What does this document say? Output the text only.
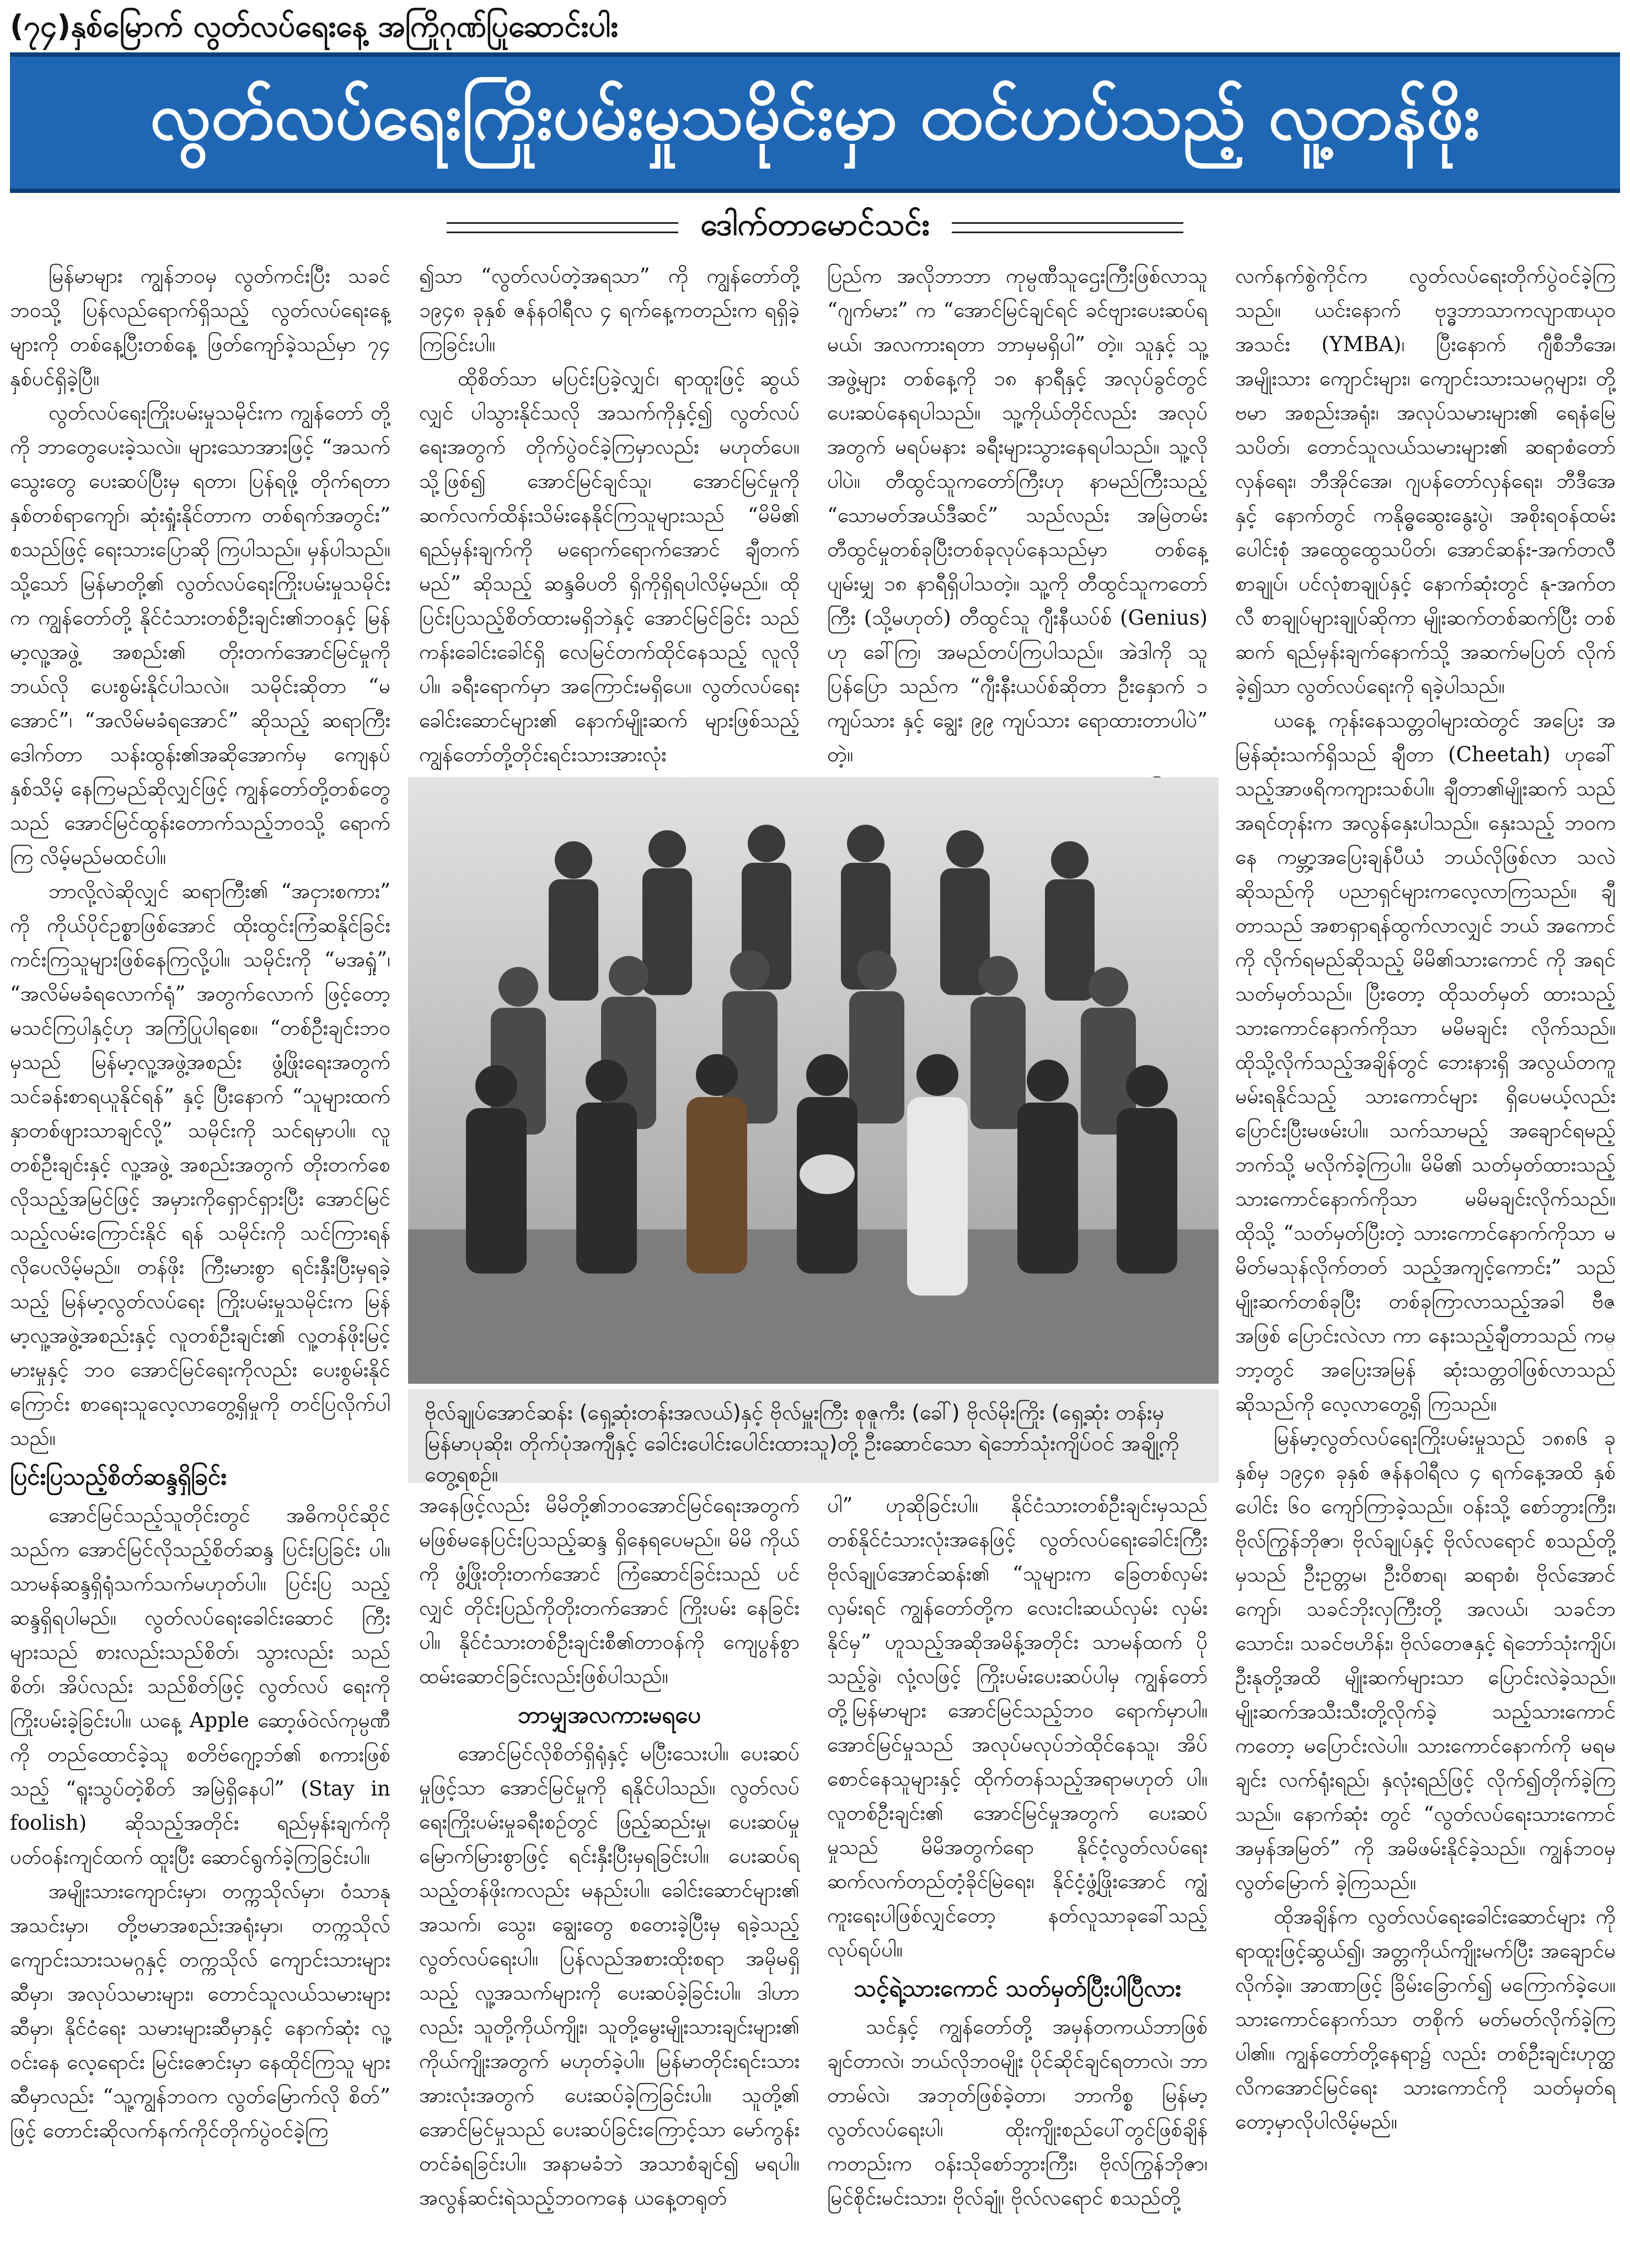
(၇၄)နှစ်မြောက် လွတ်လပ်ရေးနေ့ အကြိုဂုဏ်ပြုဆောင်းပါး
လွတ်လပ်ရေးကြိုးပမ်းမှုသမိုင်းမှာ ထင်ဟပ်သည့် လူ့တန်ဖိုး
ဒေါက်တာမောင်သင်း

မြန်မာများ ကျွန်ဘဝမှ လွတ်ကင်းပြီး သခင် ဘဝသို့ ပြန်လည်ရောက်ရှိသည့် လွတ်လပ်ရေးနေ့ များကို တစ်နေ့ပြီးတစ်နေ့ ဖြတ်ကျော်ခဲ့သည်မှာ ၇၄ နှစ်ပင်ရှိခဲ့ပြီ။

လွတ်လပ်ရေးကြိုးပမ်းမှုသမိုင်းက ကျွန်တော် တို့ကို ဘာတွေပေးခဲ့သလဲ။ များသောအားဖြင့် “အသက်သွေးတွေ ပေးဆပ်ပြီးမှ ရတာ၊ ပြန်ရဖို့ တိုက်ရတာ နှစ်တစ်ရာကျော်၊ ဆုံးရှုံးနိုင်တာက တစ်ရက်အတွင်း” စသည်ဖြင့် ရေးသားပြောဆို ကြပါသည်။ မှန်ပါသည်။ သို့သော် မြန်မာတို့၏ လွတ်လပ်ရေးကြိုးပမ်းမှုသမိုင်းက ကျွန်တော်တို့ နိုင်ငံသားတစ်ဦးချင်း၏ဘဝနှင့် မြန်မာ့လူ့အဖွဲ့ အစည်း၏ တိုးတက်အောင်မြင်မှုကို ဘယ်လို ပေးစွမ်းနိုင်ပါသလဲ။ သမိုင်းဆိုတာ “မအောင်”၊ “အလိမ်မခံရအောင်” ဆိုသည့် ဆရာကြီးဒေါက်တာ သန်းထွန်း၏အဆိုအောက်မှ ကျေနပ်နှစ်သိမ့် နေကြမည်ဆိုလျှင်ဖြင့် ကျွန်တော်တို့တစ်တွေသည် အောင်မြင်ထွန်းတောက်သည့်ဘဝသို့ ရောက်ကြ လိမ့်မည်မထင်ပါ။

ဘာလို့လဲဆိုလျှင် ဆရာကြီး၏ “အငှားစကား” ကို ကိုယ်ပိုင်ဥစ္စာဖြစ်အောင် ထိုးထွင်းကြံဆနိုင်ခြင်း ကင်းကြသူများဖြစ်နေကြလို့ပါ။ သမိုင်းကို “မအရှုံ”၊ “အလိမ်မခံရလောက်ရုံ” အတွက်လောက် ဖြင့်တော့ မသင်ကြပါနှင့်ဟု အကြံပြုပါရစေ။ “တစ်ဦးချင်းဘဝမှသည် မြန်မာ့လူ့အဖွဲ့အစည်း ဖွံ့ဖြိုးရေးအတွက် သင်ခန်းစာရယူနိုင်ရန်” နှင့် ပြီးနောက် “သူများထက် နှာတစ်ဖျားသာချင်လို့” သမိုင်းကို သင်ရမှာပါ။ လူတစ်ဦးချင်းနှင့် လူ့အဖွဲ့ အစည်းအတွက် တိုးတက်စေလိုသည့်အမြင်ဖြင့် အမှားကိုရှောင်ရှားပြီး အောင်မြင်သည့်လမ်းကြောင်းနိုင် ရန် သမိုင်းကို သင်ကြားရန် လိုပေလိမ့်မည်။ တန်ဖိုး ကြီးမားစွာ ရင်းနှီးပြီးမှရခဲ့သည့် မြန်မာ့လွတ်လပ်ရေး ကြိုးပမ်းမှုသမိုင်းက မြန်မာ့လူ့အဖွဲ့အစည်းနှင့် လူတစ်ဦးချင်း၏ လူ့တန်ဖိုးမြင့်မားမှုနှင့် ဘဝ အောင်မြင်ရေးကိုလည်း ပေးစွမ်းနိုင်ကြောင်း စာရေးသူလေ့လာတွေ့ရှိမှုကို တင်ပြလိုက်ပါသည်။

ပြင်းပြသည့်စိတ်ဆန္ဒရှိခြင်း

အောင်မြင်သည့်သူတိုင်းတွင် အဓိကပိုင်ဆိုင် သည်က အောင်မြင်လိုသည့်စိတ်ဆန္ဒ ပြင်းပြခြင်း ပါ။ သာမန်ဆန္ဒရှိရုံသက်သက်မဟုတ်ပါ။ ပြင်းပြ သည့်ဆန္ဒရှိရပါမည်။ လွတ်လပ်ရေးခေါင်းဆောင် ကြီးများသည် စားလည်းသည်စိတ်၊ သွားလည်း သည်စိတ်၊ အိပ်လည်း သည်စိတ်ဖြင့် လွတ်လပ် ရေးကို ကြိုးပမ်းခဲ့ခြင်းပါ။ ယနေ့ Apple ဆော့ဖ်ဝဲလ်ကုမ္ပဏီကို တည်ထောင်ခဲ့သူ စတိဗ်ဂျော့ဘ်၏ စကားဖြစ်သည့် “ရူးသွပ်တဲ့စိတ် အမြဲရှိနေပါ” (Stay in foolish) ဆိုသည့်အတိုင်း ရည်မှန်းချက်ကို ပတ်ဝန်းကျင်ထက် ထူးပြီး ဆောင်ရွက်ခဲ့ကြခြင်းပါ။

အမျိုးသားကျောင်းမှာ၊ တက္ကသိုလ်မှာ၊ ဝံသာနုအသင်းမှာ၊ တို့ဗမာအစည်းအရုံးမှာ၊ တက္ကသိုလ်ကျောင်းသားသမဂ္ဂနှင့် တက္ကသိုလ် ကျောင်းသားများဆီမှာ၊ အလုပ်သမားများ၊ တောင်သူလယ်သမားများဆီမှာ၊ နိုင်ငံရေး သမားများဆီမှာနှင့် နောက်ဆုံး လူ့ဝင်းနေ လေ့ရောင်း မြင်းဇောင်းမှာ နေထိုင်ကြသူ များဆီမှာလည်း “သူ့ကျွန်ဘဝက လွတ်မြောက်လို စိတ်” ဖြင့် တောင်းဆိုလက်နက်ကိုင်တိုက်ပွဲဝင်ခဲ့ကြ

၍သာ “လွတ်လပ်တဲ့အရသာ” ကို ကျွန်တော်တို့ ၁၉၄၈ ခုနှစ် ဇန်နဝါရီလ ၄ ရက်နေ့ကတည်းက ရရှိခဲ့ကြခြင်းပါ။

ထိုစိတ်သာ မပြင်းပြခဲ့လျှင်၊ ရာထူးဖြင့် ဆွယ်လျှင် ပါသွားနိုင်သလို အသက်ကိုနှင့်၍ လွတ်လပ် ရေးအတွက် တိုက်ပွဲဝင်ခဲ့ကြမှာလည်း မဟုတ်ပေ။ သို့ဖြစ်၍ အောင်မြင်ချင်သူ၊ အောင်မြင်မှုကို ဆက်လက်ထိန်းသိမ်းနေနိုင်ကြသူများသည် “မိမိ၏ ရည်မှန်းချက်ကို မရောက်ရောက်အောင် ချီတက် မည်” ဆိုသည့် ဆန္ဒဓိပတိ ရှိကိုရှိရပါလိမ့်မည်။ ထိုပြင်းပြသည့်စိတ်ထားမရှိဘဲနှင့် အောင်မြင်ခြင်း သည် ကန်းခေါင်းခေါင်ရှိ လေမြင်တက်ထိုင်နေသည့် လူလိုပါ။ ခရီးရောက်မှာ အကြောင်းမရှိပေ။ လွတ်လပ်ရေးခေါင်းဆောင်များ၏ နောက်မျိုးဆက် များဖြစ်သည့် ကျွန်တော်တို့တိုင်းရင်းသားအားလုံး

ပြည်က အလိုဘာဘာ ကုမ္ပဏီသူဌေးကြီးဖြစ်လာသူ “ဂျက်မား” က “အောင်မြင်ချင်ရင် ခင်ဗျားပေးဆပ်ရ မယ်၊ အလကားရတာ ဘာမှမရှိပါ” တဲ့။ သူနှင့် သူ့ အဖွဲ့များ တစ်နေ့ကို ၁၈ နာရီနှင့် အလုပ်ခွင်တွင် ပေးဆပ်နေရပါသည်။ သူ့ကိုယ်တိုင်လည်း အလုပ် အတွက် မရပ်မနား ခရီးများသွားနေရပါသည်။ သူ့လို ပါပဲ။ တီထွင်သူကတော်ကြီးဟု နာမည်ကြီးသည့် “သောမတ်အယ်ဒီဆင်” သည်လည်း အမြဲတမ်း တီထွင်မှုတစ်ခုပြီးတစ်ခုလုပ်နေသည်မှာ တစ်နေ့ ပျမ်းမျှ ၁၈ နာရီရှိပါသတဲ့။ သူ့ကို တီထွင်သူကတော်ကြီး (သို့မဟုတ်) တီထွင်သူ ဂျီးနီယပ်စ် (Genius) ဟု ခေါ်ကြ၊ အမည်တပ်ကြပါသည်။ အဲဒါကို သူပြန်ပြော သည်က “ဂျီးနီးယပ်စ်ဆိုတာ ဦးနှောက် ၁ ကျပ်သား နှင့် ချွေး ၉၉ ကျပ်သား ရောထားတာပါပဲ” တဲ့။

ဗိုလ်ချုပ်အောင်ဆန်း (ရှေ့ဆုံးတန်းအလယ်)နှင့် ဗိုလ်မှူးကြီး စုဇူကီး (ခေါ်) ဗိုလ်မိုးကြိုး (ရှေ့ဆုံး တန်းမှ မြန်မာပုဆိုး၊ တိုက်ပုံအကျီနှင့် ခေါင်းပေါင်းပေါင်းထားသူ)တို့ ဦးဆောင်သော ရဲဘော်သုံးကျိပ်ဝင် အချို့ကို တွေ့ရစဉ်။

အနေဖြင့်လည်း မိမိတို့၏ဘဝအောင်မြင်ရေးအတွက် မဖြစ်မနေပြင်းပြသည့်ဆန္ဒ ရှိနေရပေမည်။ မိမိ ကိုယ်ကို ဖွံ့ဖြိုးတိုးတက်အောင် ကြံဆောင်ခြင်းသည် ပင်လျှင် တိုင်းပြည်ကိုတိုးတက်အောင် ကြိုးပမ်း နေခြင်းပါ။ နိုင်ငံသားတစ်ဦးချင်းစီ၏တာဝန်ကို ကျေပွန်စွာ ထမ်းဆောင်ခြင်းလည်းဖြစ်ပါသည်။

ဘာမျှအလကားမရပေ

အောင်မြင်လိုစိတ်ရှိရုံနှင့် မပြီးသေးပါ။ ပေးဆပ် မှုဖြင့်သာ အောင်မြင်မှုကို ရနိုင်ပါသည်။ လွတ်လပ် ရေးကြိုးပမ်းမှုခရီးစဉ်တွင် ဖြည့်ဆည်းမှု၊ ပေးဆပ်မှု မြောက်မြားစွာဖြင့် ရင်းနှီးပြီးမှရခြင်းပါ။ ပေးဆပ်ရ သည့်တန်ဖိုးကလည်း မနည်းပါ။ ခေါင်းဆောင်များ၏ အသက်၊ သွေး၊ ချွေးတွေ စတေးခဲ့ပြီးမှ ရခဲ့သည့် လွတ်လပ်ရေးပါ။ ပြန်လည်အစားထိုးစရာ အမိုမရှိ သည့် လူ့အသက်များကို ပေးဆပ်ခဲ့ခြင်းပါ။ ဒါဟာ လည်း သူတို့ကိုယ်ကျိုး၊ သူတို့မွေးမျိုးသားချင်းများ၏ ကိုယ်ကျိုးအတွက် မဟုတ်ခဲ့ပါ။ မြန်မာတိုင်းရင်းသား အားလုံးအတွက် ပေးဆပ်ခဲ့ကြခြင်းပါ။ သူတို့၏ အောင်မြင်မှုသည် ပေးဆပ်ခြင်းကြောင့်သာ မော်ကွန်းတင်ခံရခြင်းပါ။ အနာမခံဘဲ အသာစံချင်၍ မရပါ။ အလွန်ဆင်းရဲသည့်ဘဝကနေ ယနေ့တရုတ်

ပါ” ဟုဆိုခြင်းပါ။ နိုင်ငံသားတစ်ဦးချင်းမှသည် တစ်နိုင်ငံသားလုံးအနေဖြင့် လွတ်လပ်ရေးခေါင်းကြီး ဗိုလ်ချုပ်အောင်ဆန်း၏ “သူများက ခြေတစ်လှမ်း လှမ်းရင် ကျွန်တော်တို့က လေးငါးဆယ်လှမ်း လှမ်း နိုင်မှ” ဟူသည့်အဆိုအမိန့်အတိုင်း သာမန်ထက် ပိုသည့်ခွဲ၊ လုံ့လဖြင့် ကြိုးပမ်းပေးဆပ်ပါမှ ကျွန်တော် တို့မြန်မာများ အောင်မြင်သည့်ဘဝ ရောက်မှာပါ။ အောင်မြင်မှုသည် အလုပ်မလုပ်ဘဲထိုင်နေသူ၊ အိပ်စောင်နေသူများနှင့် ထိုက်တန်သည့်အရာမဟုတ် ပါ။ လူတစ်ဦးချင်း၏ အောင်မြင်မှုအတွက် ပေးဆပ်မှုသည် မိမိအတွက်ရော နိုင်ငံ့လွတ်လပ်ရေး ဆက်လက်တည်တံ့ခိုင်မြဲရေး၊ နိုင်ငံ့ဖွံ့ဖြိုးအောင် ကျွံကူးရေးပါဖြစ်လျှင်တော့ နတ်လူသာခုခေါ်သည့် လုပ်ရပ်ပါ။

သင့်ရဲ့သားကောင် သတ်မှတ်ပြီးပါပြီလား

သင်နှင့် ကျွန်တော်တို့ အမှန်တကယ်ဘာဖြစ် ချင်တာလဲ၊ ဘယ်လိုဘဝမျိုး ပိုင်ဆိုင်ချင်ရတာလဲ၊ ဘာတာမ်လဲ၊ အဘုတ်ဖြစ်ခဲ့တာ၊ ဘာကိစ္စ မြန်မာ့လွတ်လပ်ရေးပါ၊ ထိုးကျိုးစည်ပေါ်တွင်ဖြစ်ချိန် ကတည်းက ဝန်းသိုစော်ဘွားကြီး၊ ဗိုလ်ကြွန်ဘိုဇာ၊ မြင်စိုင်းမင်းသား၊ ဗိုလ်ချုံ၊ ဗိုလ်လရောင် စသည်တို့

လက်နက်စွဲကိုင်က လွတ်လပ်ရေးတိုက်ပွဲဝင်ခဲ့ကြ သည်။ ယင်းနောက် ဗုဒ္ဓဘာသာကလျာဏယုဝ အသင်း (YMBA)၊ ပြီးနောက် ဂျီစီဘီအေ၊ အမျိုးသား ကျောင်းများ၊ ကျောင်းသားသမဂ္ဂများ၊ တို့ဗမာ အစည်းအရုံး၊ အလုပ်သမားများ၏ ရေနံမြေသပိတ်၊ တောင်သူလယ်သမားများ၏ ဆရာစံတော်လှန်ရေး၊ ဘီအိုင်အေ၊ ဂျပန်တော်လှန်ရေး၊ ဘီဒီအေနှင့် နောက်တွင် ကနိုဓ္ဓဆွေးနွေးပွဲ၊ အစိုးရဝန်ထမ်းပေါင်းစုံ အထွေထွေသပိတ်၊ အောင်ဆန်း-အက်တလီစာချုပ်၊ ပင်လုံစာချုပ်နှင့် နောက်ဆုံးတွင် နု-အက်တလီ စာချုပ်များချုပ်ဆိုကာ မျိုးဆက်တစ်ဆက်ပြီး တစ်ဆက် ရည်မှန်းချက်နောက်သို့ အဆက်မပြတ် လိုက်ခဲ့၍သာ လွတ်လပ်ရေးကို ရခဲ့ပါသည်။

ယနေ့ ကုန်းနေသတ္တဝါများထဲတွင် အပြေး အမြန်ဆုံးသက်ရှိသည် ချီတာ (Cheetah) ဟုခေါ် သည့်အာဖရိကကျားသစ်ပါ။ ချီတာ၏မျိုးဆက် သည် အရင်တုန်းက အလွန်နှေးပါသည်။ နှေးသည့် ဘဝကနေ ကမ္ဘာ့အပြေးချန်ပီယံ ဘယ်လိုဖြစ်လာ သလဲဆိုသည်ကို ပညာရှင်များကလေ့လာကြသည်။ ချီတာသည် အစာရှာရန်ထွက်လာလျှင် ဘယ် အကောင်ကို လိုက်ရမည်ဆိုသည့် မိမိ၏သားကောင် ကို အရင်သတ်မှတ်သည်။ ပြီးတော့ ထိုသတ်မှတ် ထားသည့်သားကောင်နောက်ကိုသာ မမိမချင်း လိုက်သည်။ ထိုသို့လိုက်သည့်အချိန်တွင် ဘေးနားရှိ အလွယ်တကူမမ်းရနိုင်သည့် သားကောင်များ ရှိပေမယ့်လည်း ပြောင်းပြီးမဖမ်းပါ။ သက်သာမည့် အချောင်ရမည့်ဘက်သို့ မလိုက်ခဲ့ကြပါ။ မိမိ၏ သတ်မှတ်ထားသည့် သားကောင်နောက်ကိုသာ မမိမချင်းလိုက်သည်။ ထိုသို့ “သတ်မှတ်ပြီးတဲ့ သားကောင်နောက်ကိုသာ မမိတ်မသုန်လိုက်တတ် သည့်အကျင့်ကောင်း” သည် မျိုးဆက်တစ်ခုပြီး တစ်ခုကြာလာသည့်အခါ ဗီဇအဖြစ် ပြောင်းလဲလာ ကာ နေးသည့်ချီတာသည် ကမ္ဘာ့တွင် အပြေးအမြန် ဆုံးသတ္တဝါဖြစ်လာသည်ဆိုသည်ကို လေ့လာတွေ့ရှိ ကြသည်။

မြန်မာ့လွတ်လပ်ရေးကြိုးပမ်းမှုသည် ၁၈၈၆ ခုနှစ်မှ ၁၉၄၈ ခုနှစ် ဇန်နဝါရီလ ၄ ရက်နေ့အထိ နှစ်ပေါင်း ၆၀ ကျော်ကြာခဲ့သည်။ ဝန်းသို့ စော်ဘွားကြီး၊ ဗိုလ်ကြွန်ဘိုဇာ၊ ဗိုလ်ချုပ်နှင့် ဗိုလ်လရောင် စသည်တို့မှသည် ဦးဥတ္တမ၊ ဦးဝိစာရ၊ ဆရာစံ၊ ဗိုလ်အောင်ကျော်၊ သခင်ဘိုးလှကြီးတို့ အလယ်၊ သခင်ဘသောင်း၊ သခင်ဗဟိန်း၊ ဗိုလ်တေဇနှင့် ရဲဘော်သုံးကျိပ်၊ ဦးနုတို့အထိ မျိုးဆက်များသာ ပြောင်းလဲခဲ့သည်။ မျိုးဆက်အသီးသီးတို့လိုက်ခဲ့ သည့်သားကောင်ကတော့ မပြောင်းလဲပါ။ သားကောင်နောက်ကို မရမချင်း လက်ရုံးရည်၊ နှလုံးရည်ဖြင့် လိုက်၍တိုက်ခဲ့ကြသည်။ နောက်ဆုံး တွင် “လွတ်လပ်ရေးသားကောင် အမှန်အမြတ်” ကို အမိဖမ်းနိုင်ခဲ့သည်။ ကျွန်ဘဝမှ လွတ်မြောက် ခဲ့ကြသည်။

ထိုအချိန်က လွတ်လပ်ရေးခေါင်းဆောင်များ ကို ရာထူးဖြင့်ဆွယ်၍၊ အတ္တကိုယ်ကျိုးမက်ပြီး အချောင်မလိုက်ခဲ့။ အာဏာဖြင့် ခြိမ်းခြောက်၍ မကြောက်ခဲ့ပေ။ သားကောင်နောက်သာ တစိုက် မတ်မတ်လိုက်ခဲ့ကြပါ၏။ ကျွန်တော်တို့နေရာ၌ လည်း တစ်ဦးချင်းဟုတ္ထလိကအောင်မြင်ရေး သားကောင်ကို သတ်မှတ်ရတော့မှာလိုပါလိမ့်မည်။
